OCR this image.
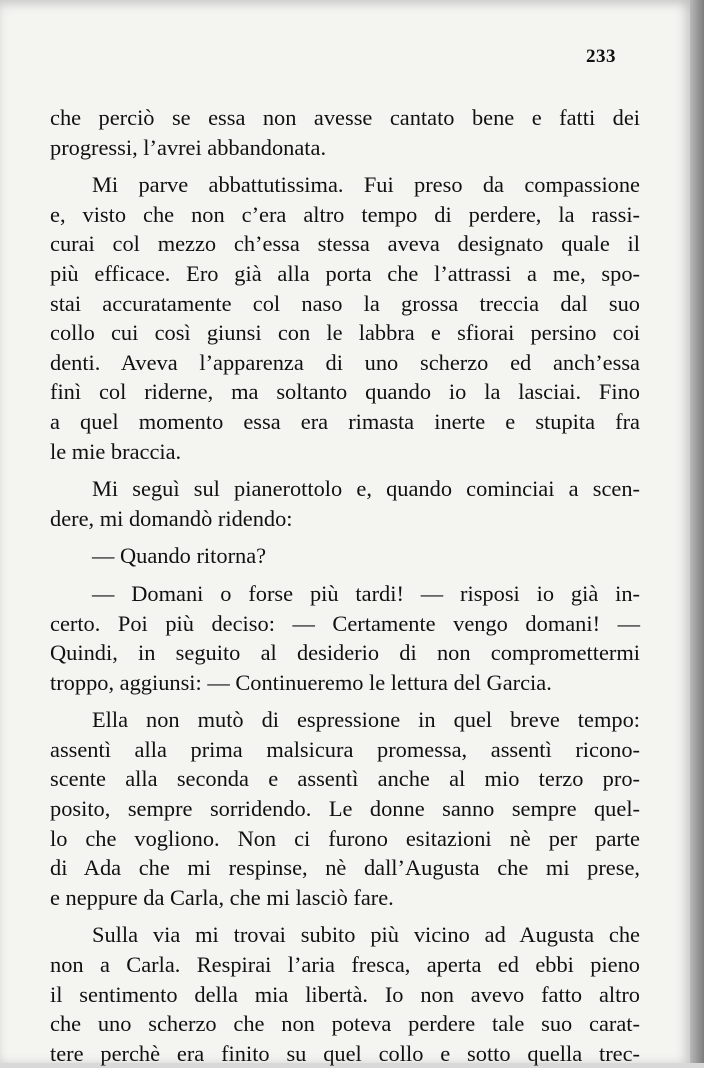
233

che perciò se essa non avesse cantato bene e fatti dei
progressi, l’avrei abbandonata.

Mi parve abbattutissima. Fui preso da compassione
e, visto che non c’era altro tempo di perdere, la rassi-
curai col mezzo ch’essa stessa aveva designato quale il
più efficace. Ero già alla porta che l’attrassi a me, spo-
stai accuratamente col naso la grossa treccia dal suo
collo cui così giunsi con le labbra e sfiorai persino coi
denti. Aveva l’apparenza di uno scherzo ed anch’essa
finì col riderne, ma soltanto quando io la lasciai. Fino
a quel momento essa era rimasta inerte e stupita fra
le mie braccia.

Mi seguì sul pianerottolo e, quando cominciai a scen-
dere, mi domandò ridendo:

— Quando ritorna?

— Domani o forse più tardi! — risposi io già in-
certo. Poi più deciso: — Certamente vengo domani! —
Quindi, in seguito al desiderio di non compromettermi
troppo, aggiunsi: — Continueremo le lettura del Garcia.

Ella non mutò di espressione in quel breve tempo:
assentì alla prima malsicura promessa, assentì ricono-
scente alla seconda e assentì anche al mio terzo pro-
posito, sempre sorridendo. Le donne sanno sempre quel-
lo che vogliono. Non ci furono esitazioni nè per parte
di Ada che mi respinse, nè dall’Augusta che mi prese,
e neppure da Carla, che mi lasciò fare.

Sulla via mi trovai subito più vicino ad Augusta che
non a Carla. Respirai l’aria fresca, aperta ed ebbi pieno
il sentimento della mia libertà. Io non avevo fatto altro
che uno scherzo che non poteva perdere tale suo carat-
tere perchè era finito su quel collo e sotto quella trec-
